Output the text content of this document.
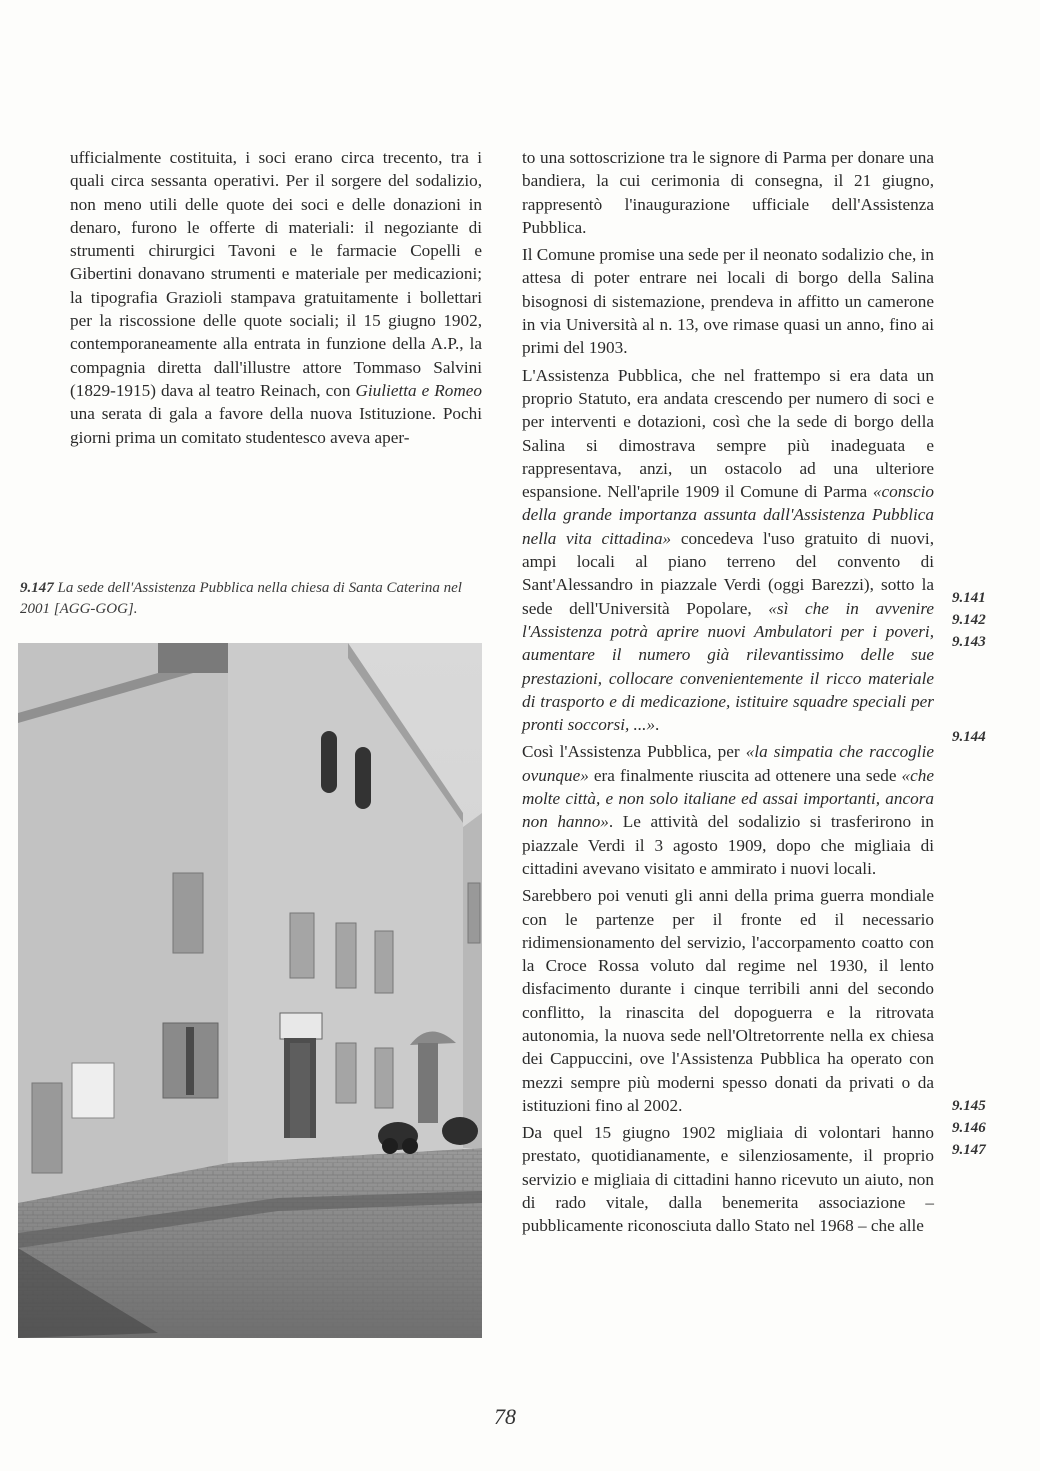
ufficialmente costituita, i soci erano circa trecento, tra i quali circa sessanta operativi. Per il sorgere del sodalizio, non meno utili delle quote dei soci e delle donazioni in denaro, furono le offerte di materiali: il negoziante di strumenti chirurgici Tavoni e le farmacie Copelli e Gibertini donavano strumenti e materiale per medicazioni; la tipografia Grazioli stampava gratuitamente i bollettari per la riscossione delle quote sociali; il 15 giugno 1902, contemporaneamente alla entrata in funzione della A.P., la compagnia diretta dall'illustre attore Tommaso Salvini (1829-1915) dava al teatro Reinach, con Giulietta e Romeo una serata di gala a favore della nuova Istituzione. Pochi giorni prima un comitato studentesco aveva aper-

9.147 La sede dell'Assistenza Pubblica nella chiesa di Santa Caterina nel 2001 [AGG-GOG].

to una sottoscrizione tra le signore di Parma per donare una bandiera, la cui cerimonia di consegna, il 21 giugno, rappresentò l'inaugurazione ufficiale dell'Assistenza Pubblica.

Il Comune promise una sede per il neonato sodalizio che, in attesa di poter entrare nei locali di borgo della Salina bisognosi di sistemazione, prendeva in affitto un camerone in via Università al n. 13, ove rimase quasi un anno, fino ai primi del 1903.

L'Assistenza Pubblica, che nel frattempo si era data un proprio Statuto, era andata crescendo per numero di soci e per interventi e dotazioni, così che la sede di borgo della Salina si dimostrava sempre più inadeguata e rappresentava, anzi, un ostacolo ad una ulteriore espansione. Nell'aprile 1909 il Comune di Parma «conscio della grande importanza assunta dall'Assistenza Pubblica nella vita cittadina» concedeva l'uso gratuito di nuovi, ampi locali al piano terreno del convento di Sant'Alessandro in piazzale Verdi (oggi Barezzi), sotto la sede dell'Università Popolare, «sì che in avvenire l'Assistenza potrà aprire nuovi Ambulatori per i poveri, aumentare il numero già rilevantissimo delle sue prestazioni, collocare convenientemente il ricco materiale di trasporto e di medicazione, istituire squadre speciali per pronti soccorsi, ...».

Così l'Assistenza Pubblica, per «la simpatia che raccoglie ovunque» era finalmente riuscita ad ottenere una sede «che molte città, e non solo italiane ed assai importanti, ancora non hanno». Le attività del sodalizio si trasferirono in piazzale Verdi il 3 agosto 1909, dopo che migliaia di cittadini avevano visitato e ammirato i nuovi locali.

Sarebbero poi venuti gli anni della prima guerra mondiale con le partenze per il fronte ed il necessario ridimensionamento del servizio, l'accorpamento coatto con la Croce Rossa voluto dal regime nel 1930, il lento disfacimento durante i cinque terribili anni del secondo conflitto, la rinascita del dopoguerra e la ritrovata autonomia, la nuova sede nell'Oltretorrente nella ex chiesa dei Cappuccini, ove l'Assistenza Pubblica ha operato con mezzi sempre più moderni spesso donati da privati o da istituzioni fino al 2002.

Da quel 15 giugno 1902 migliaia di volontari hanno prestato, quotidianamente, e silenziosamente, il proprio servizio e migliaia di cittadini hanno ricevuto un aiuto, non di rado vitale, dalla benemerita associazione – pubblicamente riconosciuta dallo Stato nel 1968 – che alle

9.141
9.142
9.143
9.144
9.145
9.146
9.147
78
